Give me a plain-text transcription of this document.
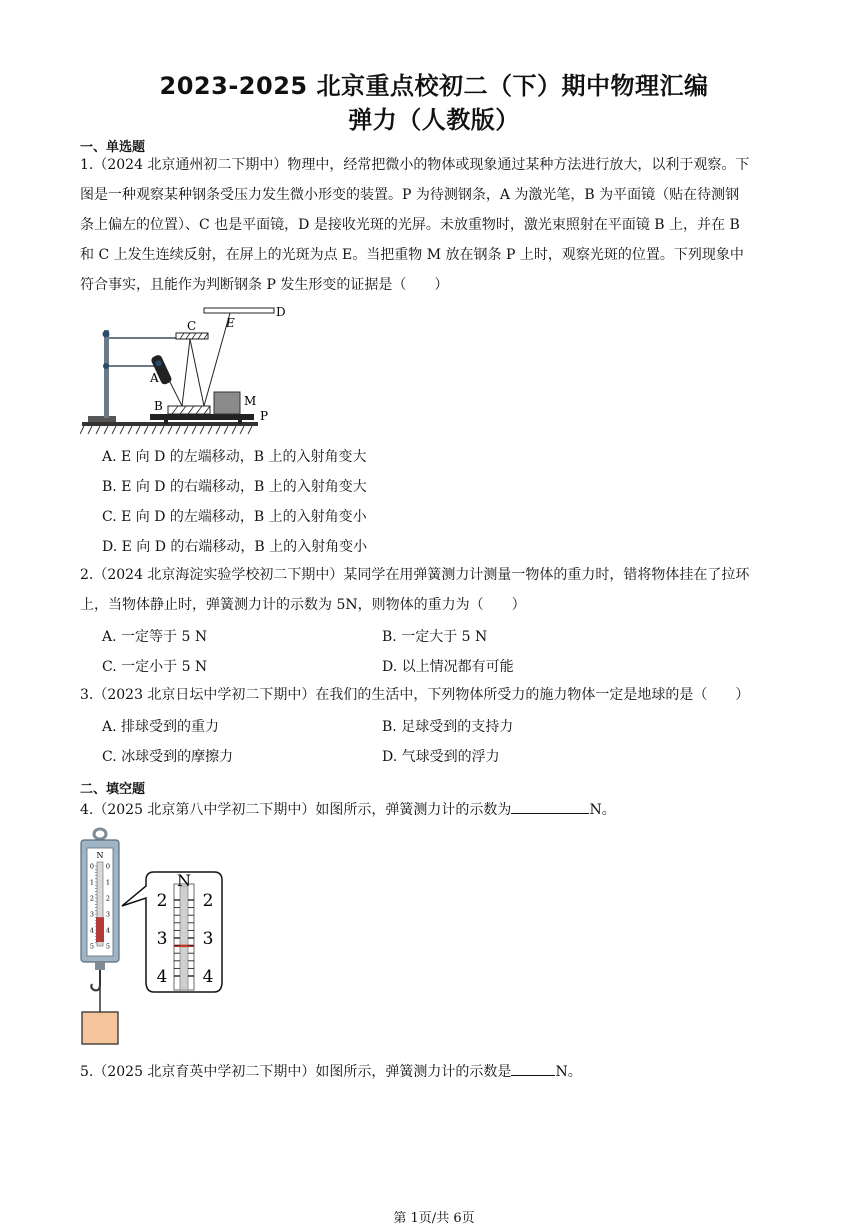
2023-2025 北京重点校初二（下）期中物理汇编
弹力（人教版）
一、单选题
1.（2024 北京通州初二下期中）物理中，经常把微小的物体或现象通过某种方法进行放大，以利于观察。下
图是一种观察某种钢条受压力发生微小形变的装置。P 为待测钢条，A 为激光笔，B 为平面镜（贴在待测钢
条上偏左的位置）、C 也是平面镜，D 是接收光斑的光屏。未放重物时，激光束照射在平面镜 B 上，并在 B
和 C 上发生连续反射，在屏上的光斑为点 E。当把重物 M 放在钢条 P 上时，观察光斑的位置。下列现象中
符合事实，且能作为判断钢条 P 发生形变的证据是（　　）
C
D
E
A
B	M
P
A. E 向 D 的左端移动，B 上的入射角变大
B. E 向 D 的右端移动，B 上的入射角变大
C. E 向 D 的左端移动，B 上的入射角变小
D. E 向 D 的右端移动，B 上的入射角变小
2.（2024 北京海淀实验学校初二下期中）某同学在用弹簧测力计测量一物体的重力时，错将物体挂在了拉环
上，当物体静止时，弹簧测力计的示数为 5N，则物体的重力为（　　）
A. 一定等于 5 N	B. 一定大于 5 N
C. 一定小于 5 N	D. 以上情况都有可能
3.（2023 北京日坛中学初二下期中）在我们的生活中，下列物体所受力的施力物体一定是地球的是（　　）
A. 排球受到的重力	B. 足球受到的支持力
C. 冰球受到的摩擦力	D. 气球受到的浮力
二、填空题
4.（2025 北京第八中学初二下期中）如图所示，弹簧测力计的示数为	N。
N
0 0
1 1
2 2
3 3
4 4
5 5
N
2 2
3 3
4 4
5.（2025 北京育英中学初二下期中）如图所示，弹簧测力计的示数是	N。
第 1页/共 6页
